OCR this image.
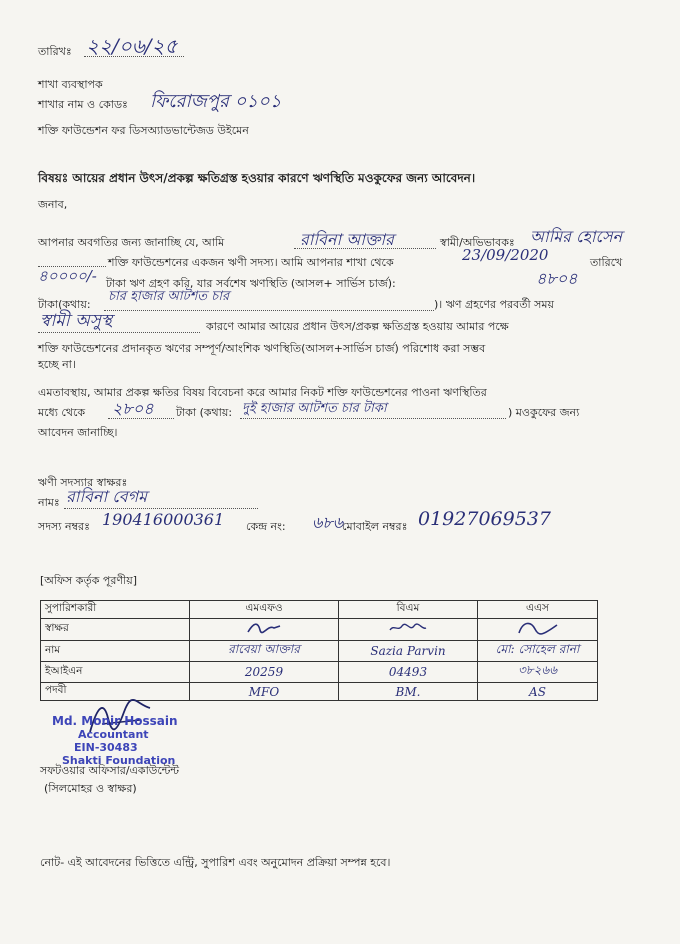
তারিখঃ ২২/০৬/২৫
শাখা ব্যবস্থাপক
শাখার নাম ও কোডঃ ফিরোজপুর ০১০১
শক্তি ফাউন্ডেশন ফর ডিসঅ্যাডভান্টেজড উইমেন
বিষয়ঃ আয়ের প্রধান উৎস/প্রকল্প ক্ষতিগ্রস্ত হওয়ার কারণে ঋণস্থিতি মওকুফের জন্য আবেদন।
জনাব,
আপনার অবগতির জন্য জানাচ্ছি যে, আমি	রাবিনা আক্তার	স্বামী/অভিভাবকঃ আমির হোসেন
শক্তি ফাউন্ডেশনের একজন ঋণী সদস্য। আমি আপনার শাখা থেকে	23/09/2020	তারিখে
৪০০০০/- টাকা ঋণ গ্রহণ করি, যার সর্বশেষ ঋণস্থিতি (আসল+ সার্ভিস চার্জ):	৪৮০৪
টাকা(কথায়:
চার হাজার আটশত চার
)। ঋণ গ্রহণের পরবর্তী সময়
স্বামী অসুস্থ	কারণে আমার আয়ের প্রধান উৎস/প্রকল্প ক্ষতিগ্রস্ত হওয়ায় আমার পক্ষে
শক্তি ফাউন্ডেশনের প্রদানকৃত ঋণের সম্পূর্ণ/আংশিক ঋণস্থিতি(আসল+সার্ভিস চার্জ) পরিশোধ করা সম্ভব
হচ্ছে না।
এমতাবস্থায়, আমার প্রকল্প ক্ষতির বিষয় বিবেচনা করে আমার নিকট শক্তি ফাউন্ডেশনের পাওনা ঋণস্থিতির
মধ্যে থেকে ২৮০৪ টাকা (কথায়: দুই হাজার আটশত চার টাকা	) মওকুফের জন্য
আবেদন জানাচ্ছি।
ঋণী সদস্যার স্বাক্ষরঃ
নামঃ রাবিনা বেগম
সদস্য নম্বরঃ 190416000361 কেন্দ্র নং: ৬৮৬
মোবাইল নম্বরঃ 01927069537
[অফিস কর্তৃক পূরণীয়]
সুপারিশকারী	এমএফও	বিএম	এএস
স্বাক্ষর			
নাম	রাবেয়া আক্তার	Sazia Parvin	মো: সোহেল রানা
ইআইএন	20259	04493	৩৮২৬৬
পদবী	MFO	BM.	AS
Md. Monir Hossain
Accountant
EIN-30483
Shakti Foundation
সফটওয়ার অফিসার/একাউন্টেন্ট
(সিলমোহর ও স্বাক্ষর)
নোট- এই আবেদনের ভিত্তিতে এন্ট্রি, সুপারিশ এবং অনুমোদন প্রক্রিয়া সম্পন্ন হবে।
